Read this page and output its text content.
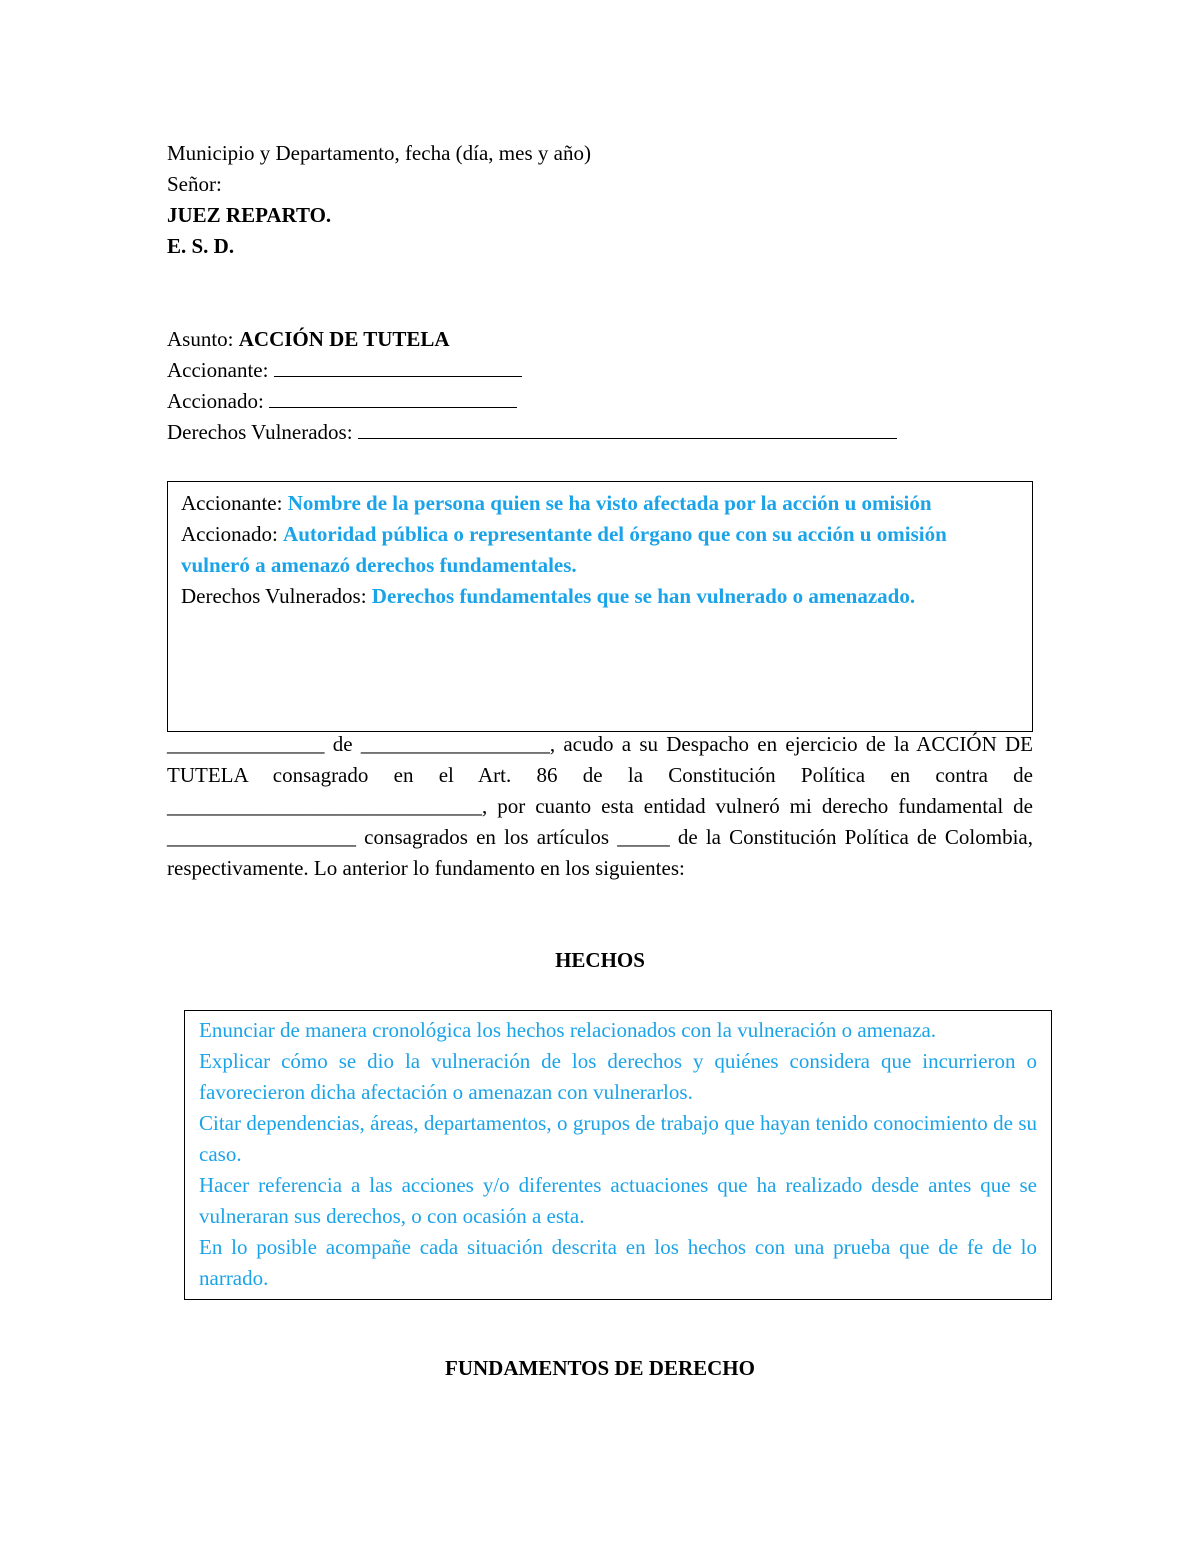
Municipio y Departamento, fecha (día, mes y año)
Señor:
JUEZ REPARTO.
E. S. D.
Asunto: ACCIÓN DE TUTELA
Accionante:
Accionado:
Derechos Vulnerados:
Accionante: Nombre de la persona quien se ha visto afectada por la acción u omisión
Accionado: Autoridad pública o representante del órgano que con su acción u omisión vulneró a amenazó derechos fundamentales.
Derechos Vulnerados: Derechos fundamentales que se han vulnerado o amenazado.
_______________ de __________________, acudo a su Despacho en ejercicio de la ACCIÓN DE TUTELA consagrado en el Art. 86 de la Constitución Política en contra de ______________________________, por cuanto esta entidad vulneró mi derecho fundamental de __________________ consagrados en los artículos _____ de la Constitución Política de Colombia, respectivamente. Lo anterior lo fundamento en los siguientes:
HECHOS

Enunciar de manera cronológica los hechos relacionados con la vulneración o amenaza.

Explicar cómo se dio la vulneración de los derechos y quiénes considera que incurrieron o favorecieron dicha afectación o amenazan con vulnerarlos.

Citar dependencias, áreas, departamentos, o grupos de trabajo que hayan tenido conocimiento de su caso.

Hacer referencia a las acciones y/o diferentes actuaciones que ha realizado desde antes que se vulneraran sus derechos, o con ocasión a esta.

En lo posible acompañe cada situación descrita en los hechos con una prueba que de fe de lo narrado.

FUNDAMENTOS DE DERECHO
